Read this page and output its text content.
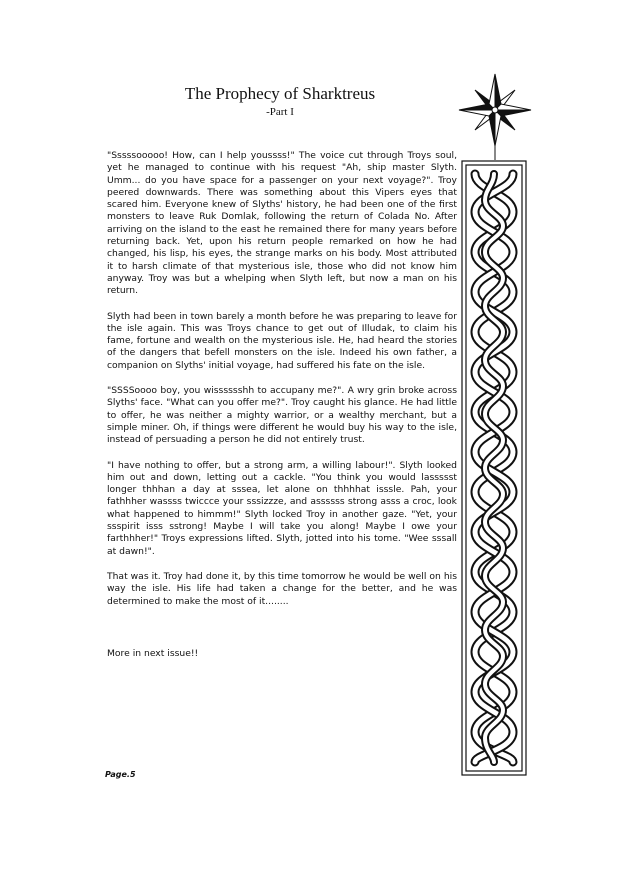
The Prophecy of Sharktreus
-Part I

"Sssssooooo! How, can I help youssss!" The voice cut through Troys soul, yet he managed to continue with his request "Ah, ship master Slyth. Umm... do you have space for a passenger on your next voyage?". Troy peered downwards. There was something about this Vipers eyes that scared him. Everyone knew of Slyths' history, he had been one of the first monsters to leave Ruk Domlak, following the return of Colada No. After arriving on the island to the east he remained there for many years before returning back. Yet, upon his return people remarked on how he had changed, his lisp, his eyes, the strange marks on his body. Most attributed it to harsh climate of that mysterious isle, those who did not know him anyway. Troy was but a whelping when Slyth left, but now a man on his return.

Slyth had been in town barely a month before he was preparing to leave for the isle again. This was Troys chance to get out of Illudak, to claim his fame, fortune and wealth on the mysterious isle. He, had heard the stories of the dangers that befell monsters on the isle. Indeed his own father, a companion on Slyths' initial voyage, had suffered his fate on the isle.

"SSSSoooo boy, you wisssssshh to accupany me?". A wry grin broke across Slyths' face. "What can you offer me?". Troy caught his glance. He had little to offer, he was neither a mighty warrior, or a wealthy merchant, but a simple miner. Oh, if things were different he would buy his way to the isle, instead of persuading a person he did not entirely trust.

"I have nothing to offer, but a strong arm, a willing labour!". Slyth looked him out and down, letting out a cackle. "You think you would lassssst longer thhhan a day at sssea, let alone on thhhhat isssle. Pah, your fathhher wassss twiccce your sssizzze, and assssss strong asss a croc, look what happened to himmm!" Slyth locked Troy in another gaze. "Yet, your ssspirit isss sstrong! Maybe I will take you along! Maybe I owe your farthhher!" Troys expressions lifted. Slyth, jotted into his tome. "Wee sssall at dawn!".

That was it. Troy had done it, by this time tomorrow he would be well on his way the isle. His life had taken a change for the better, and he was determined to make the most of it........

More in next issue!!
Page.5
